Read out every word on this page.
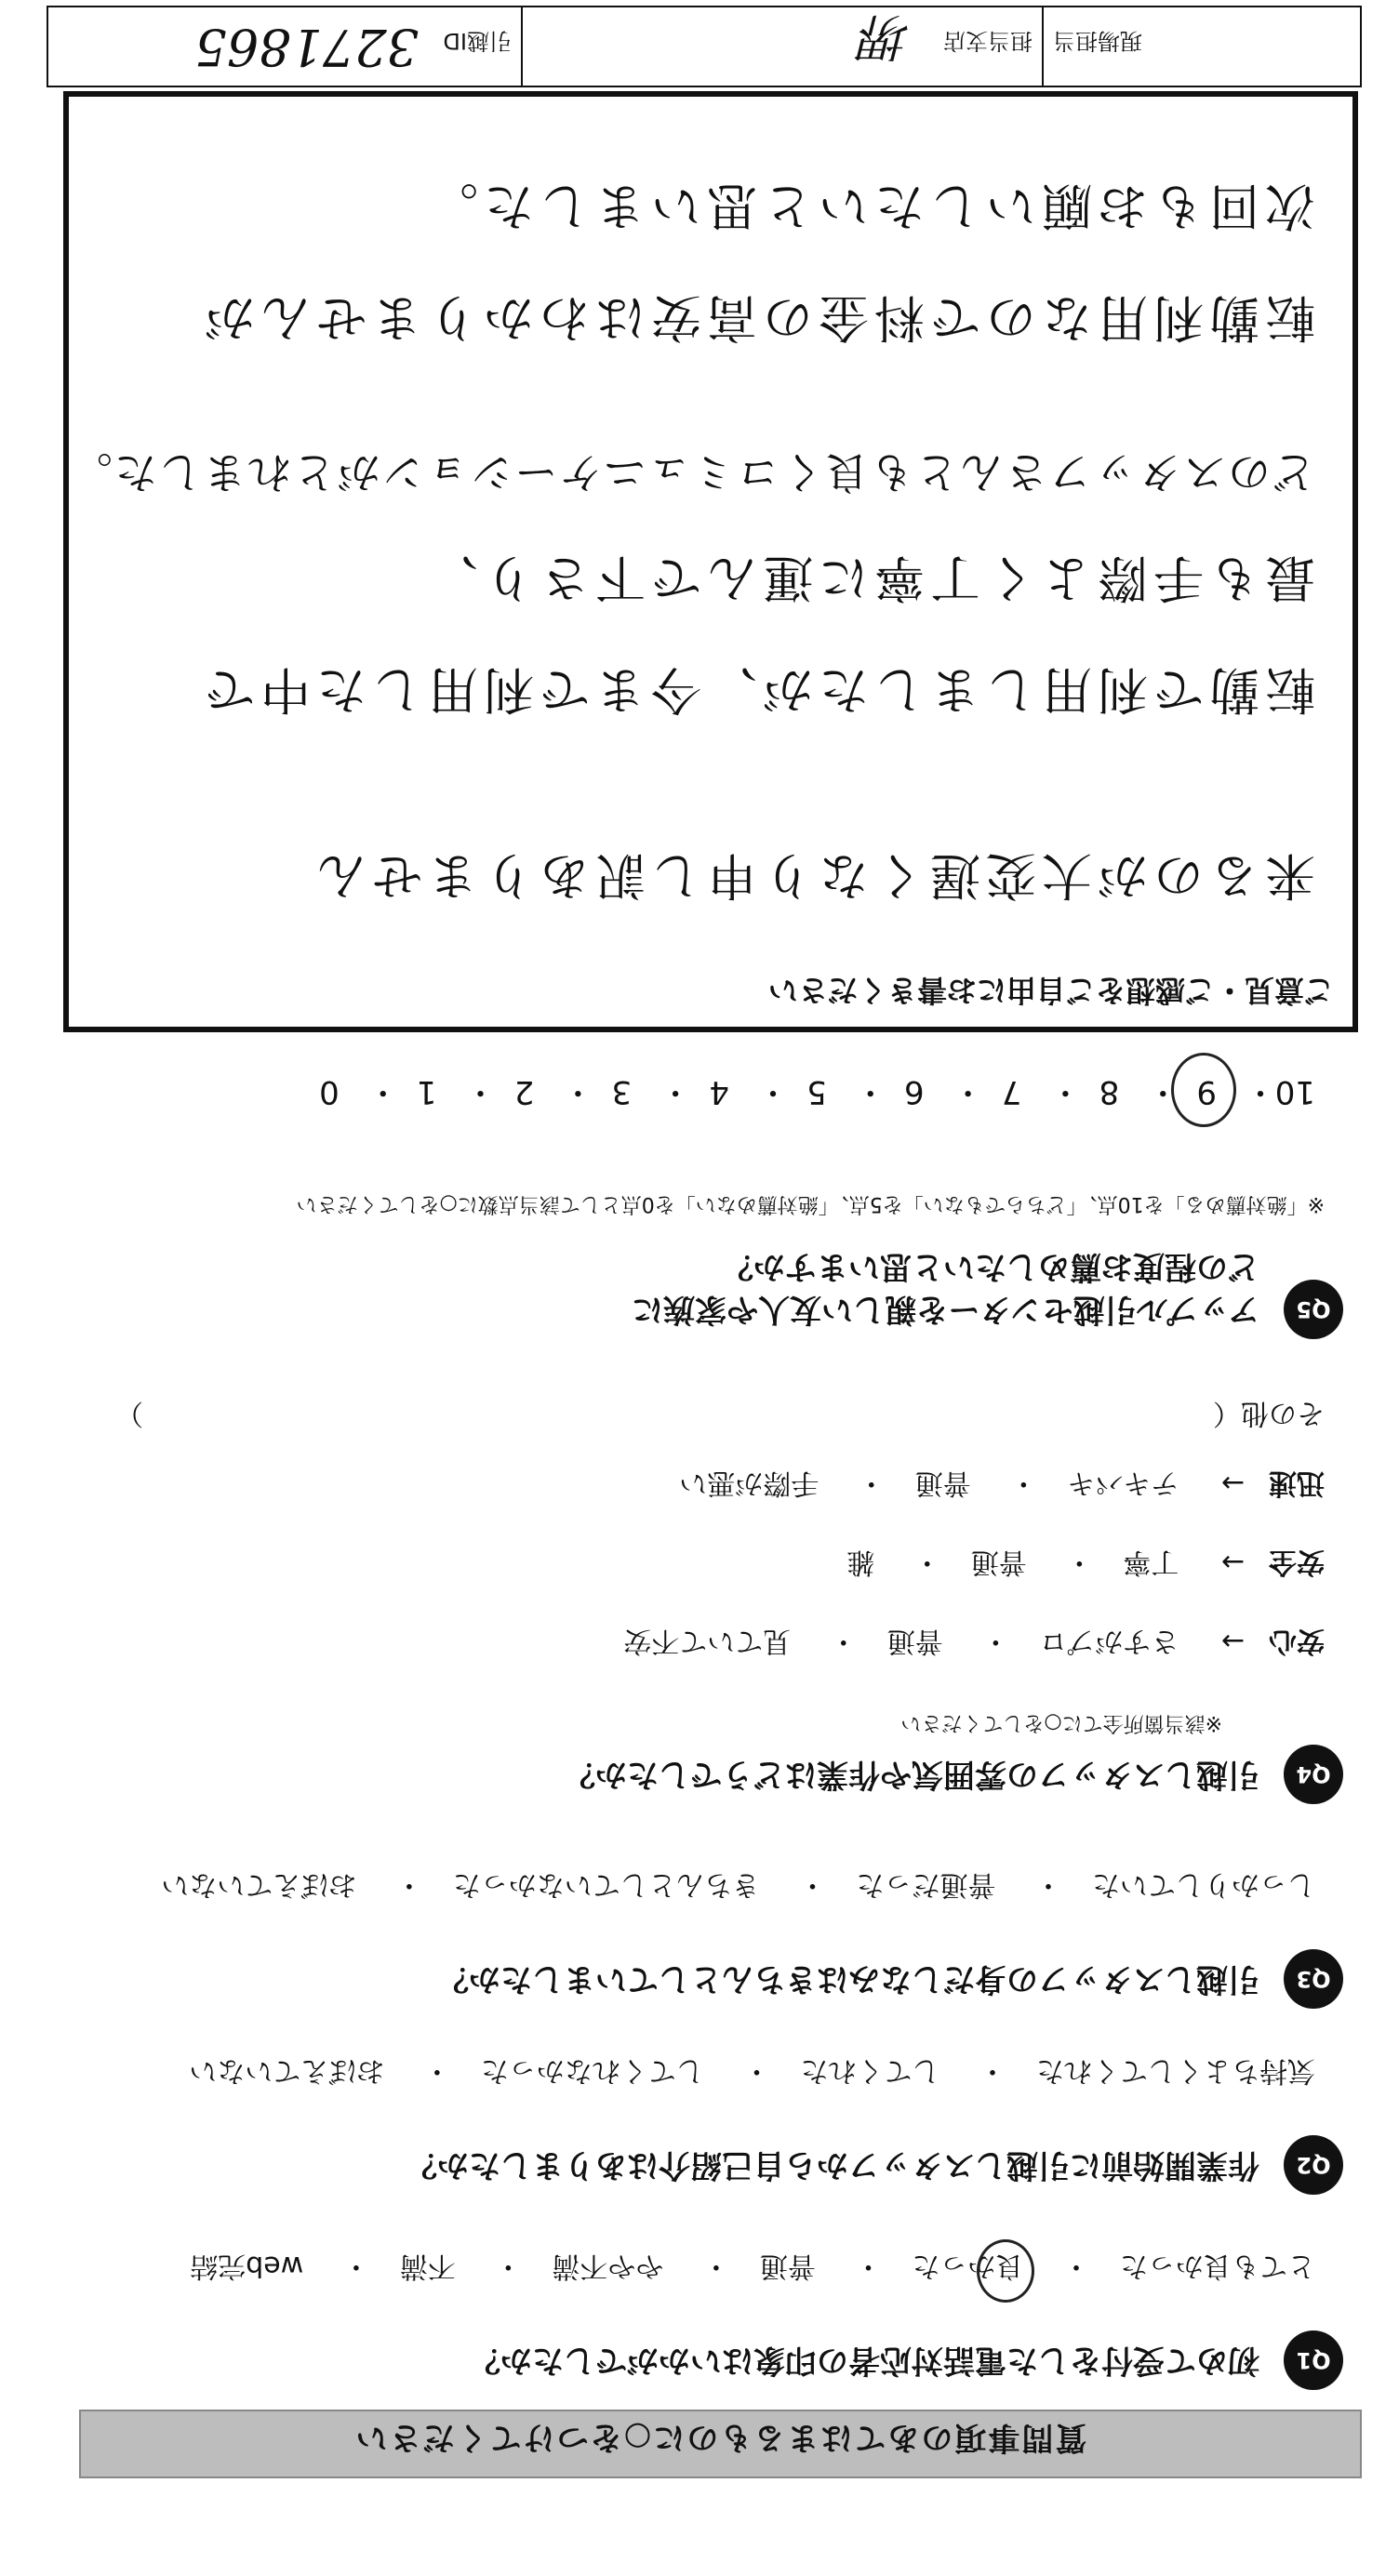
質問事項のあてはまるものに○をつけてください
Q1
初めて受付をした電話対応者の印象はいかがでしたか？
とても良かった・ 良かった・ 普通・ やや不満・ 不満・ web完結
Q2
作業開始前に引越しスタッフから自己紹介はありましたか？
気持ちよくしてくれた・ してくれた・ してくれなかった・ おぼえていない
Q3
引越しスタッフの身だしなみはきちんとしていましたか？
しっかりしていた・ 普通だった・ きちんとしていなかった・ おぼえていない
Q4
引越しスタッフの雰囲気や作業はどうでしたか？
※該当箇所全てに○をしてください
安心→ さすがプロ・ 普通・ 見ていて不安
安全→ 丁寧・ 普通・ 雑
迅速→ テキパキ・ 普通・ 手際が悪い
その他（
）
Q5
アップル引越センターを親しい友人や家族に
どの程度お薦めしたいと思いますか？
※「絶対薦める」を10点、「どちらでもない」を5点、「絶対薦めない」を0点として該当点数に○をしてください
10・ 9・ 8・ 7・ 6・ 5・ 4・ 3・ 2・ 1・ 0
ご意見・ご感想をご自由にお書きください
来るのが大変遅くなり申し訳ありません
転勤で利用しましたが、今まで利用した中で
最も手際よく丁寧に運んで下さり、
どのスタッフさんとも良くコミュニケーションがとれました。
転勤利用なので料金の高安はわかりませんが
次回もお願いしたいと思いました。
現場担当
担当支店
堺
引越ID
3271865
